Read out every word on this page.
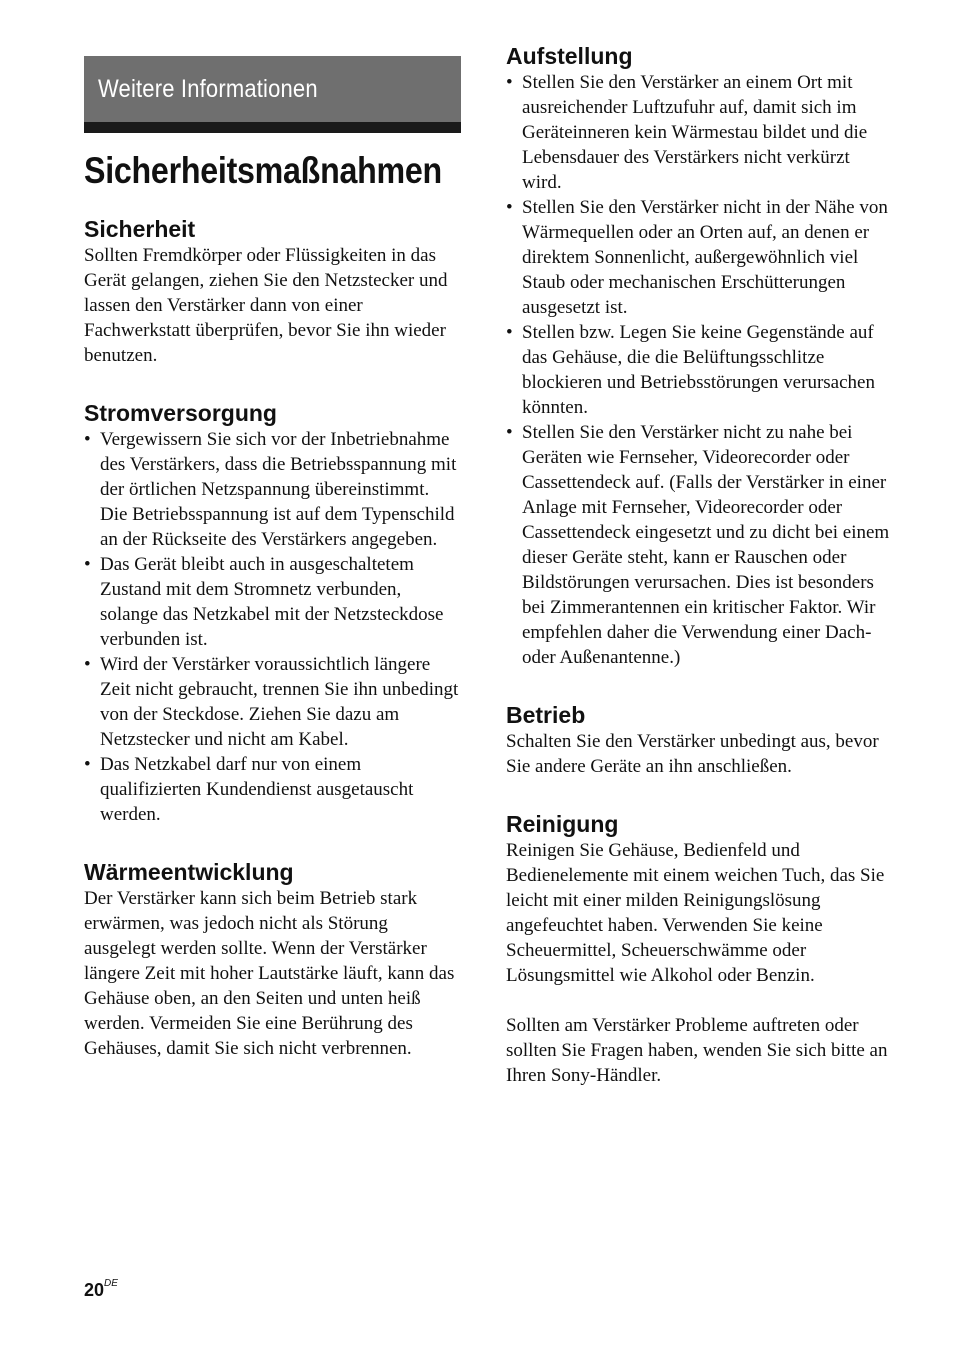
Weitere Informationen
Sicherheitsmaßnahmen
Sicherheit

Sollten Fremdkörper oder Flüssigkeiten in das Gerät gelangen, ziehen Sie den Netzstecker und lassen den Verstärker dann von einer Fachwerkstatt überprüfen, bevor Sie ihn wieder benutzen.

Stromversorgung
• Vergewissern Sie sich vor der Inbetriebnahme des Verstärkers, dass die Betriebsspannung mit der örtlichen Netzspannung übereinstimmt.
Die Betriebsspannung ist auf dem Typenschild an der Rückseite des Verstärkers angegeben.
• Das Gerät bleibt auch in ausgeschaltetem Zustand mit dem Stromnetz verbunden, solange das Netzkabel mit der Netzsteckdose verbunden ist.
• Wird der Verstärker voraussichtlich längere Zeit nicht gebraucht, trennen Sie ihn unbedingt von der Steckdose. Ziehen Sie dazu am Netzstecker und nicht am Kabel.
• Das Netzkabel darf nur von einem qualifizierten Kundendienst ausgetauscht werden.
Wärmeentwicklung

Der Verstärker kann sich beim Betrieb stark erwärmen, was jedoch nicht als Störung ausgelegt werden sollte. Wenn der Verstärker längere Zeit mit hoher Lautstärke läuft, kann das Gehäuse oben, an den Seiten und unten heiß werden. Vermeiden Sie eine Berührung des Gehäuses, damit Sie sich nicht verbrennen.

Aufstellung
• Stellen Sie den Verstärker an einem Ort mit ausreichender Luftzufuhr auf, damit sich im Geräteinneren kein Wärmestau bildet und die Lebensdauer des Verstärkers nicht verkürzt wird.
• Stellen Sie den Verstärker nicht in der Nähe von Wärmequellen oder an Orten auf, an denen er direktem Sonnenlicht, außergewöhnlich viel Staub oder mechanischen Erschütterungen ausgesetzt ist.
• Stellen bzw. Legen Sie keine Gegenstände auf das Gehäuse, die die Belüftungsschlitze blockieren und Betriebsstörungen verursachen könnten.
• Stellen Sie den Verstärker nicht zu nahe bei Geräten wie Fernseher, Videorecorder oder Cassettendeck auf. (Falls der Verstärker in einer Anlage mit Fernseher, Videorecorder oder Cassettendeck eingesetzt und zu dicht bei einem dieser Geräte steht, kann er Rauschen oder Bildstörungen verursachen. Dies ist besonders bei Zimmerantennen ein kritischer Faktor. Wir empfehlen daher die Verwendung einer Dach- oder Außenantenne.)
Betrieb

Schalten Sie den Verstärker unbedingt aus, bevor Sie andere Geräte an ihn anschließen.

Reinigung

Reinigen Sie Gehäuse, Bedienfeld und Bedienelemente mit einem weichen Tuch, das Sie leicht mit einer milden Reinigungslösung angefeuchtet haben. Verwenden Sie keine Scheuermittel, Scheuerschwämme oder Lösungsmittel wie Alkohol oder Benzin.

Sollten am Verstärker Probleme auftreten oder sollten Sie Fragen haben, wenden Sie sich bitte an Ihren Sony-Händler.

20DE
